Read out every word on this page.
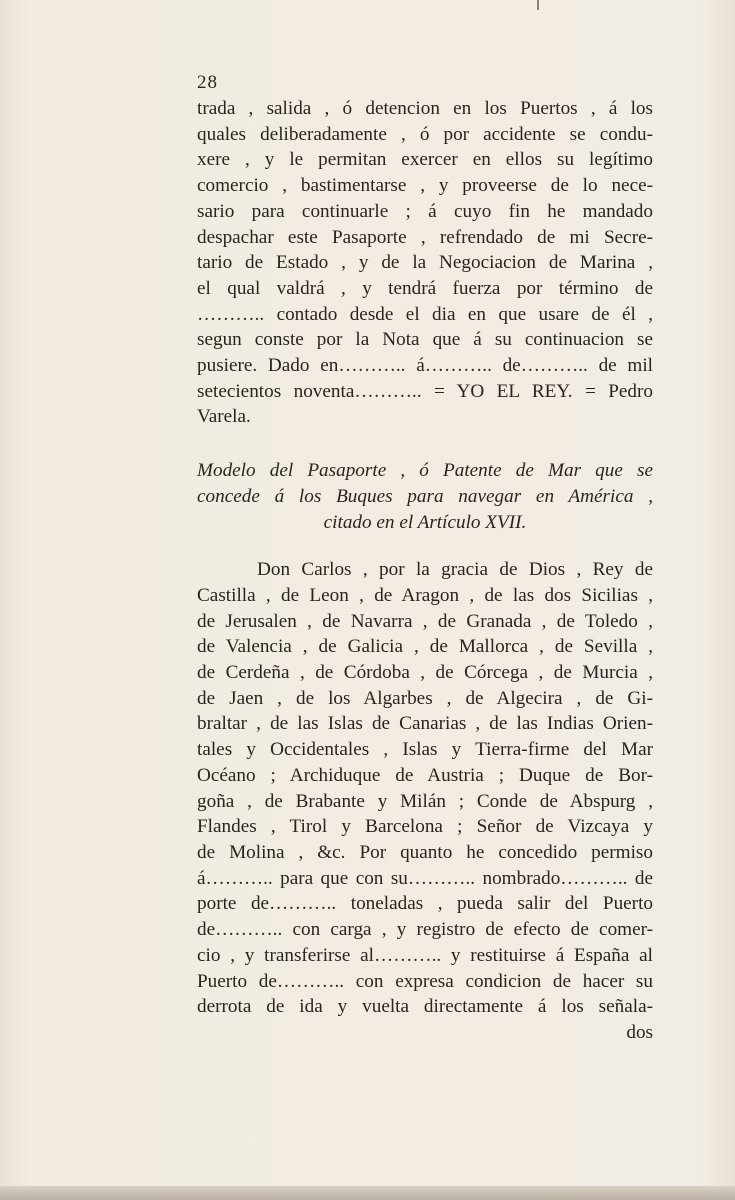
28
trada , salida , ó detencion en los Puertos , á los
quales deliberadamente , ó por accidente se condu-
xere , y le permitan exercer en ellos su legítimo
comercio , bastimentarse , y proveerse de lo nece-
sario para continuarle ; á cuyo fin he mandado
despachar este Pasaporte , refrendado de mi Secre-
tario de Estado , y de la Negociacion de Marina ,
el qual valdrá , y tendrá fuerza por término de
……….. contado desde el dia en que usare de él ,
segun conste por la Nota que á su continuacion se
pusiere. Dado en……….. á……….. de……….. de mil
setecientos noventa……….. = YO EL REY. = Pedro
Varela.
Modelo del Pasaporte , ó Patente de Mar que se
concede á los Buques para navegar en América ,
citado en el Artículo XVII.
Don Carlos , por la gracia de Dios , Rey de
Castilla , de Leon , de Aragon , de las dos Sicilias ,
de Jerusalen , de Navarra , de Granada , de Toledo ,
de Valencia , de Galicia , de Mallorca , de Sevilla ,
de Cerdeña , de Córdoba , de Córcega , de Murcia ,
de Jaen , de los Algarbes , de Algecira , de Gi-
braltar , de las Islas de Canarias , de las Indias Orien-
tales y Occidentales , Islas y Tierra-firme del Mar
Océano ; Archiduque de Austria ; Duque de Bor-
goña , de Brabante y Milán ; Conde de Abspurg ,
Flandes , Tirol y Barcelona ; Señor de Vizcaya y
de Molina , &c. Por quanto he concedido permiso
á……….. para que con su……….. nombrado……….. de
porte de……….. toneladas , pueda salir del Puerto
de……….. con carga , y registro de efecto de comer-
cio , y transferirse al……….. y restituirse á España al
Puerto de……….. con expresa condicion de hacer su
derrota de ida y vuelta directamente á los señala-
dos
